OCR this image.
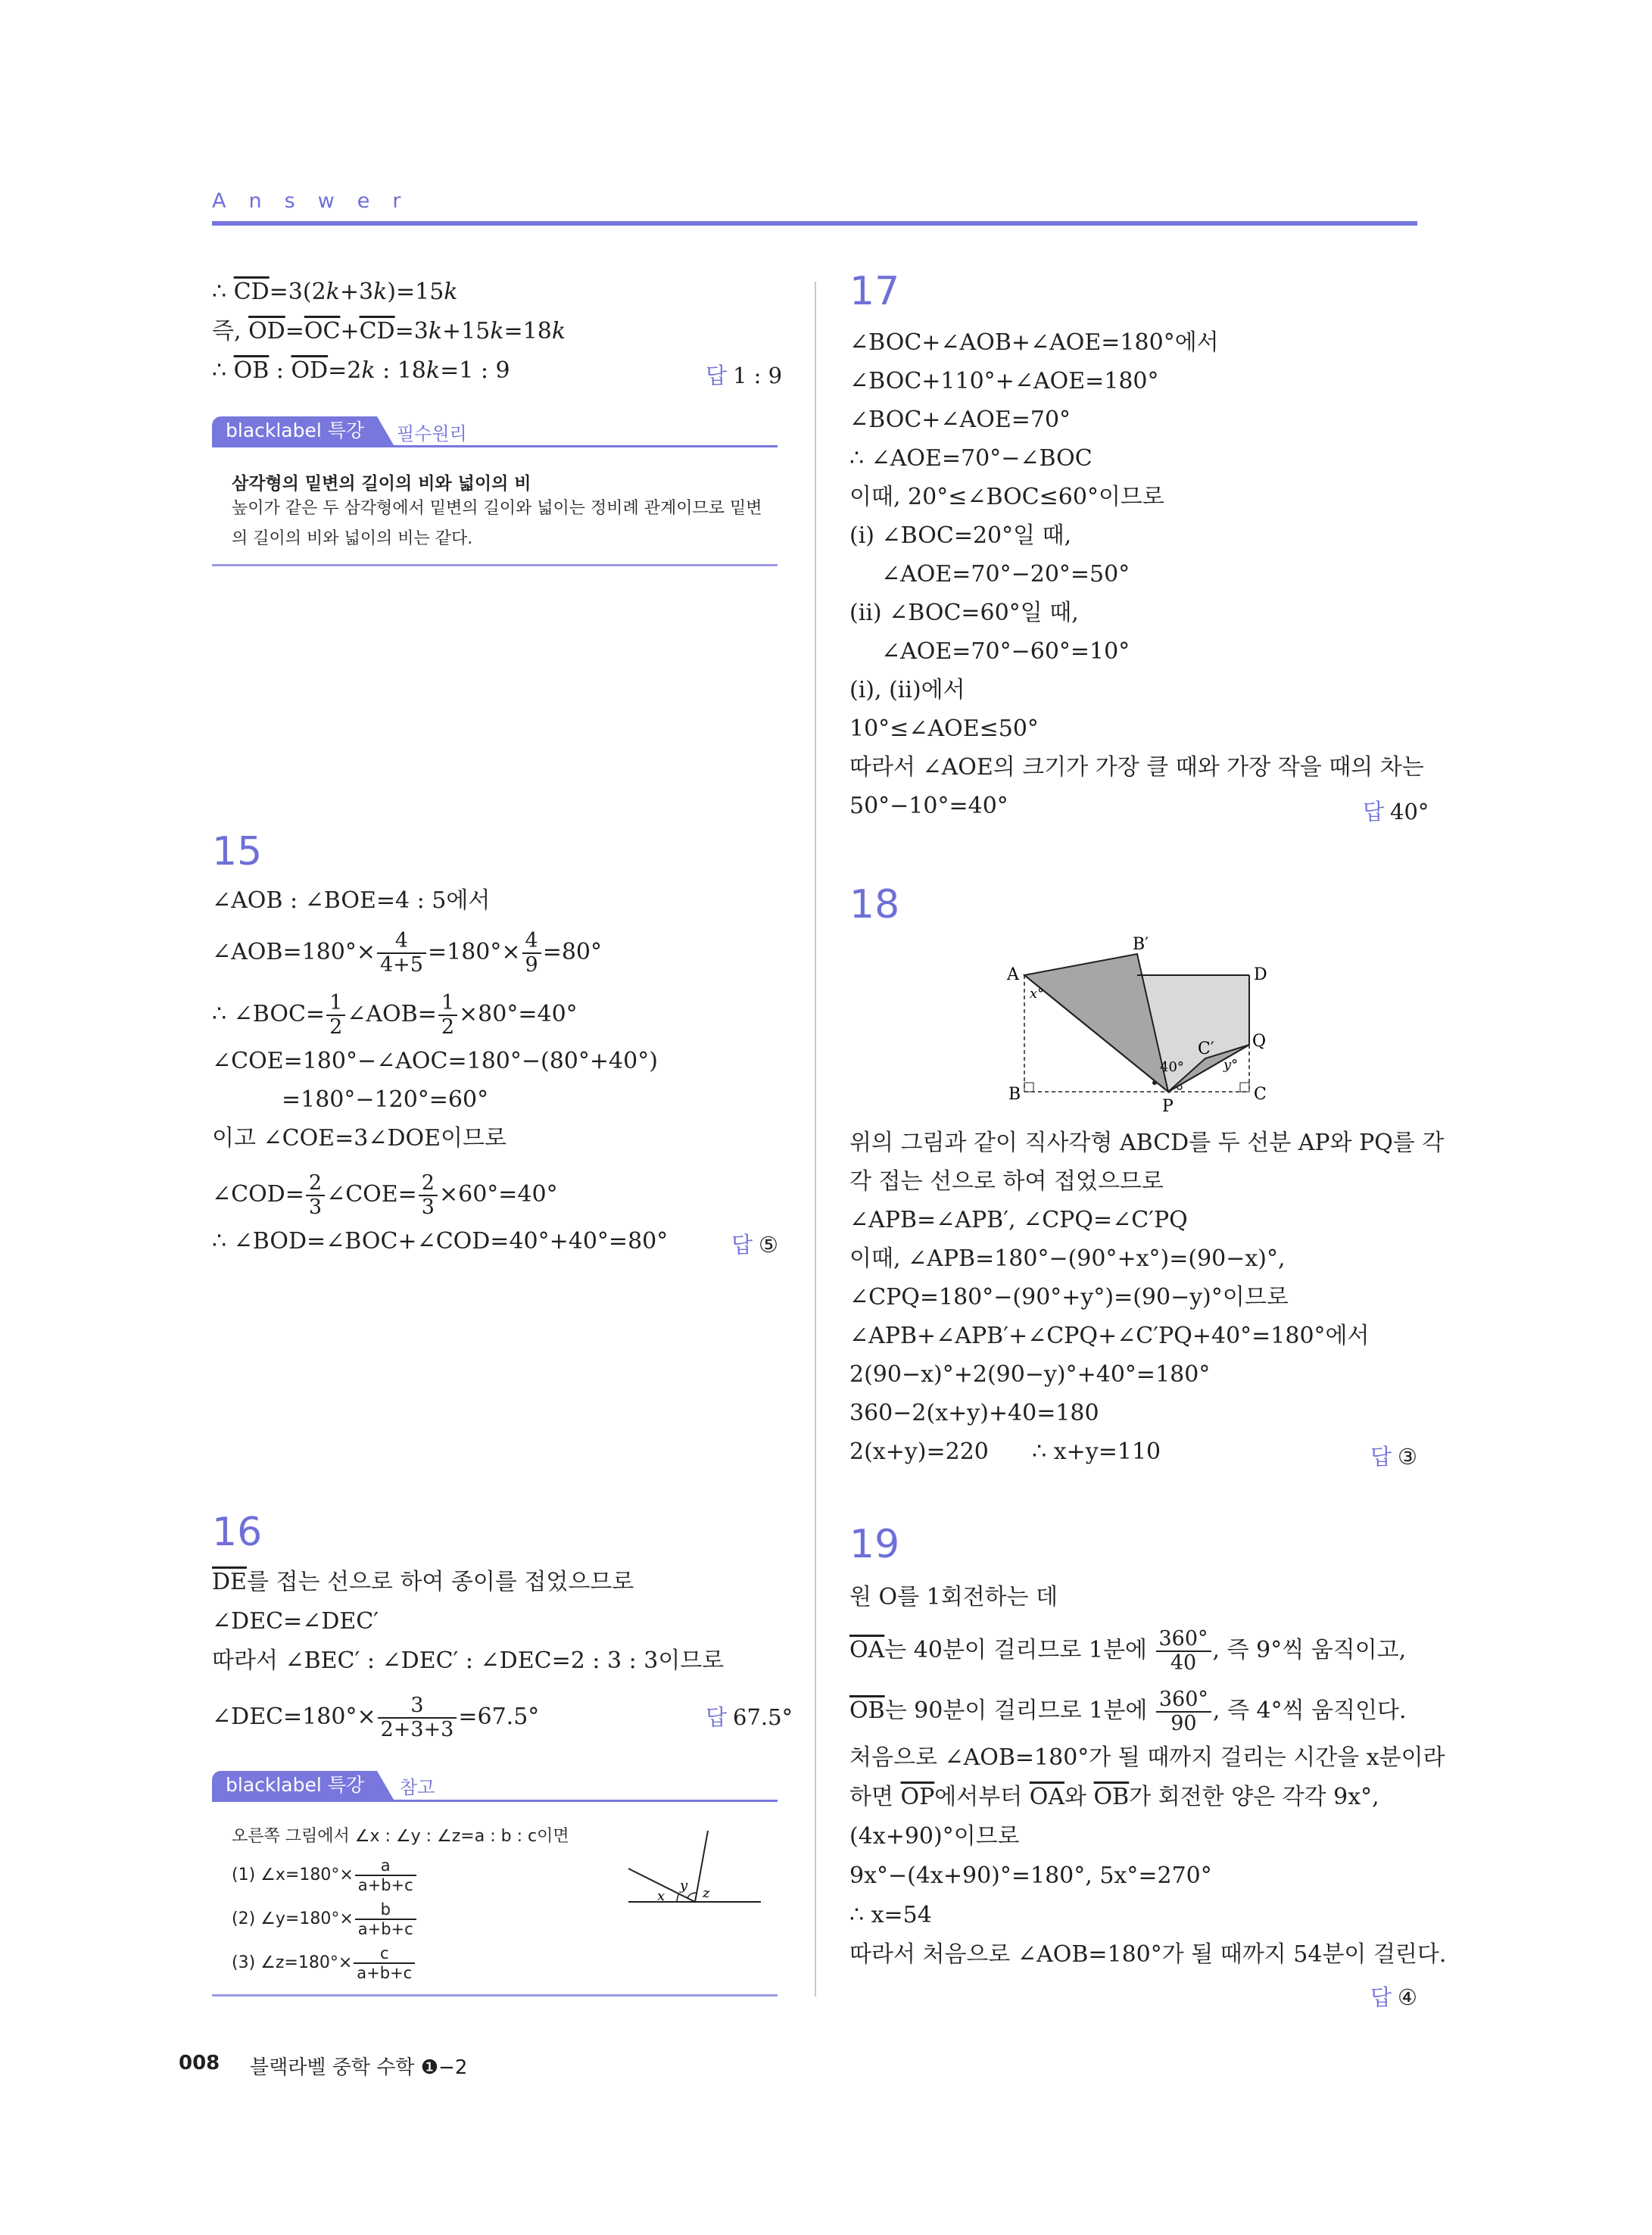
Answer
∴ $\overline{CD}=3(2k+3k)=15k$
즉, $\overline{OD}=\overline{OC}+\overline{CD}=3k+15k=18k$
∴ $\overline{OB}$ : $\overline{OD}=2k$ : 18k=1 : 9	답 1 : 9
blacklabel 특강	필수원리
삼각형의 밑변의 길이의 비와 넓이의 비
높이가 같은 두 삼각형에서 밑변의 길이와 넓이는 정비례 관계이므로 밑변의 길이의 비와 넓이의 비는 같다.
15
∠AOB : ∠BOE=4 : 5에서
∠AOB=180°× $\frac{4}{4+5} =180^\circ\times \frac{4}{9} =80^\circ$
∴ ∠BOC= $\frac{1}{2}$ ∠AOB= $\frac{1}{2} \times 80^\circ=40^\circ$
∠COE=180°−∠AOC=180°−(80°+40°)
=180°−120°=60°
이고 ∠COE=3∠DOE이므로
∠COD= $\frac{2}{3}$ ∠COE= $\frac{2}{3} \times 60^\circ=40^\circ$
∴ ∠BOD=∠BOC+∠COD=40°+40°=80°	답 ⑤
16
$\overline{DE}$를 접는 선으로 하여 종이를 접었으므로
∠DEC=∠DEC′
따라서 ∠BEC′ : ∠DEC′ : ∠DEC=2 : 3 : 3이므로
∠DEC=180°× $\frac{3}{2+3+3} =67.5^\circ$	답 67.5°
blacklabel 특강	참고
오른쪽 그림에서 ∠x : ∠y : ∠z=a : b : c이면
(1) ∠x=180°× $\frac{a}{a+b+c}$
(2) ∠y=180°× $\frac{b}{a+b+c}$
(3) ∠z=180°× $\frac{c}{a+b+c}$
x
y z
17
∠BOC+∠AOB+∠AOE=180°에서
∠BOC+110°+∠AOE=180°
∠BOC+∠AOE=70°
∴ ∠AOE=70°−∠BOC
이때, 20°≤∠BOC≤60°이므로
(ⅰ) ∠BOC=20°일 때,
∠AOE=70°−20°=50°
(ⅱ) ∠BOC=60°일 때,
∠AOE=70°−60°=10°
(ⅰ), (ⅱ)에서
10°≤∠AOE≤50°
따라서 ∠AOE의 크기가 가장 클 때와 가장 작을 때의 차는
50°−10°=40°	답 40°
18
A
B	C
D
P
Q
B′
C′
x°
y°
40°
위의 그림과 같이 직사각형 ABCD를 두 선분 AP와 PQ를 각
각 접는 선으로 하여 접었으므로
∠APB=∠APB′, ∠CPQ=∠C′PQ
이때, ∠APB=180°−(90°+x°)=(90−x)°,
∠CPQ=180°−(90°+y°)=(90−y)°이므로
∠APB+∠APB′+∠CPQ+∠C′PQ+40°=180°에서
2(90−x)°+2(90−y)°+40°=180°
360−2(x+y)+40=180
2(x+y)=220      ∴ x+y=110	답 ③
19
원 O를 1회전하는 데
$\overline{OA}$는 40분이 걸리므로 1분에 $\frac{360^\circ}{40}$ , 즉 9°씩 움직이고,
$\overline{OB}$는 90분이 걸리므로 1분에 $\frac{360^\circ}{90}$ , 즉 4°씩 움직인다.
처음으로 ∠AOB=180°가 될 때까지 걸리는 시간을 x분이라
하면 $\overline{OP}$에서부터 $\overline{OA}$와 $\overline{OB}$가 회전한 양은 각각 9x°,
(4x+90)°이므로
9x°−(4x+90)°=180°, 5x°=270°
∴ x=54
따라서 처음으로 ∠AOB=180°가 될 때까지 54분이 걸린다.
답 ④
008 블랙라벨 중학 수학 ❶−2
